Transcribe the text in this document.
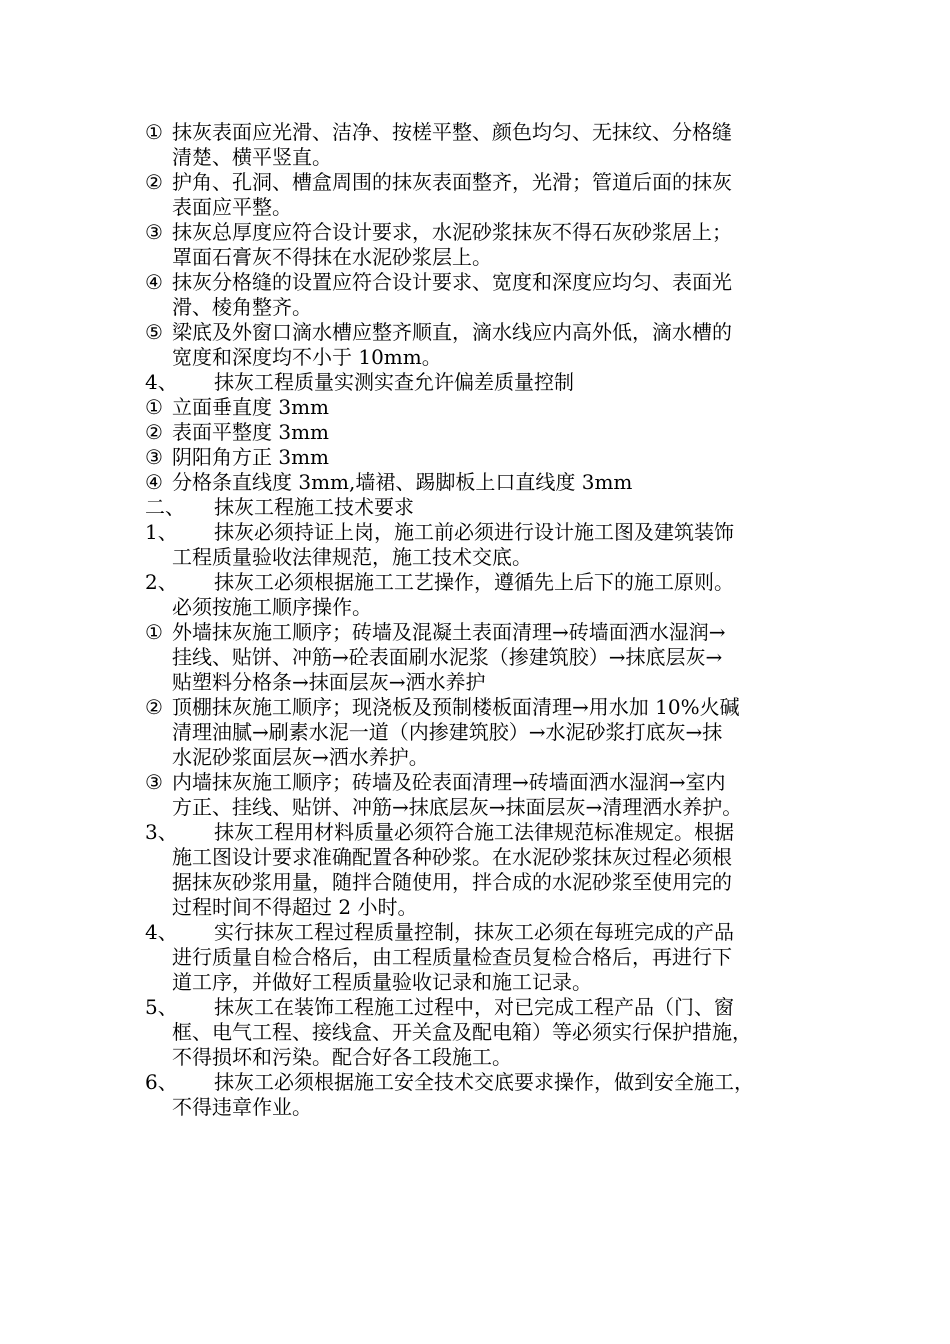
① 抹灰表面应光滑、洁净、按槎平整、颜色均匀、无抹纹、分格缝
清楚、横平竖直。
② 护角、孔洞、槽盒周围的抹灰表面整齐，光滑；管道后面的抹灰
表面应平整。
③ 抹灰总厚度应符合设计要求，水泥砂浆抹灰不得石灰砂浆居上；
罩面石膏灰不得抹在水泥砂浆层上。
④ 抹灰分格缝的设置应符合设计要求、宽度和深度应均匀、表面光
滑、棱角整齐。
⑤ 梁底及外窗口滴水槽应整齐顺直，滴水线应内高外低，滴水槽的
宽度和深度均不小于 10mm。
4、 抹灰工程质量实测实查允许偏差质量控制
① 立面垂直度 3mm
② 表面平整度 3mm
③ 阴阳角方正 3mm
④ 分格条直线度 3mm,墙裙、踢脚板上口直线度 3mm
二、 抹灰工程施工技术要求
1、 抹灰必须持证上岗，施工前必须进行设计施工图及建筑装饰
工程质量验收法律规范，施工技术交底。
2、 抹灰工必须根据施工工艺操作，遵循先上后下的施工原则。
必须按施工顺序操作。
① 外墙抹灰施工顺序；砖墙及混凝土表面清理→砖墙面洒水湿润→
挂线、贴饼、冲筋→砼表面刷水泥浆（掺建筑胶）→抹底层灰→
贴塑料分格条→抹面层灰→洒水养护
② 顶棚抹灰施工顺序；现浇板及预制楼板面清理→用水加 10%火碱
清理油腻→刷素水泥一道（内掺建筑胶）→水泥砂浆打底灰→抹
水泥砂浆面层灰→洒水养护。
③ 内墙抹灰施工顺序；砖墙及砼表面清理→砖墙面洒水湿润→室内
方正、挂线、贴饼、冲筋→抹底层灰→抹面层灰→清理洒水养护。
3、 抹灰工程用材料质量必须符合施工法律规范标准规定。根据
施工图设计要求准确配置各种砂浆。在水泥砂浆抹灰过程必须根
据抹灰砂浆用量，随拌合随使用，拌合成的水泥砂浆至使用完的
过程时间不得超过 2 小时。
4、 实行抹灰工程过程质量控制，抹灰工必须在每班完成的产品
进行质量自检合格后，由工程质量检查员复检合格后，再进行下
道工序，并做好工程质量验收记录和施工记录。
5、 抹灰工在装饰工程施工过程中，对已完成工程产品（门、窗
框、电气工程、接线盒、开关盒及配电箱）等必须实行保护措施，
不得损坏和污染。配合好各工段施工。
6、 抹灰工必须根据施工安全技术交底要求操作，做到安全施工，
不得违章作业。
